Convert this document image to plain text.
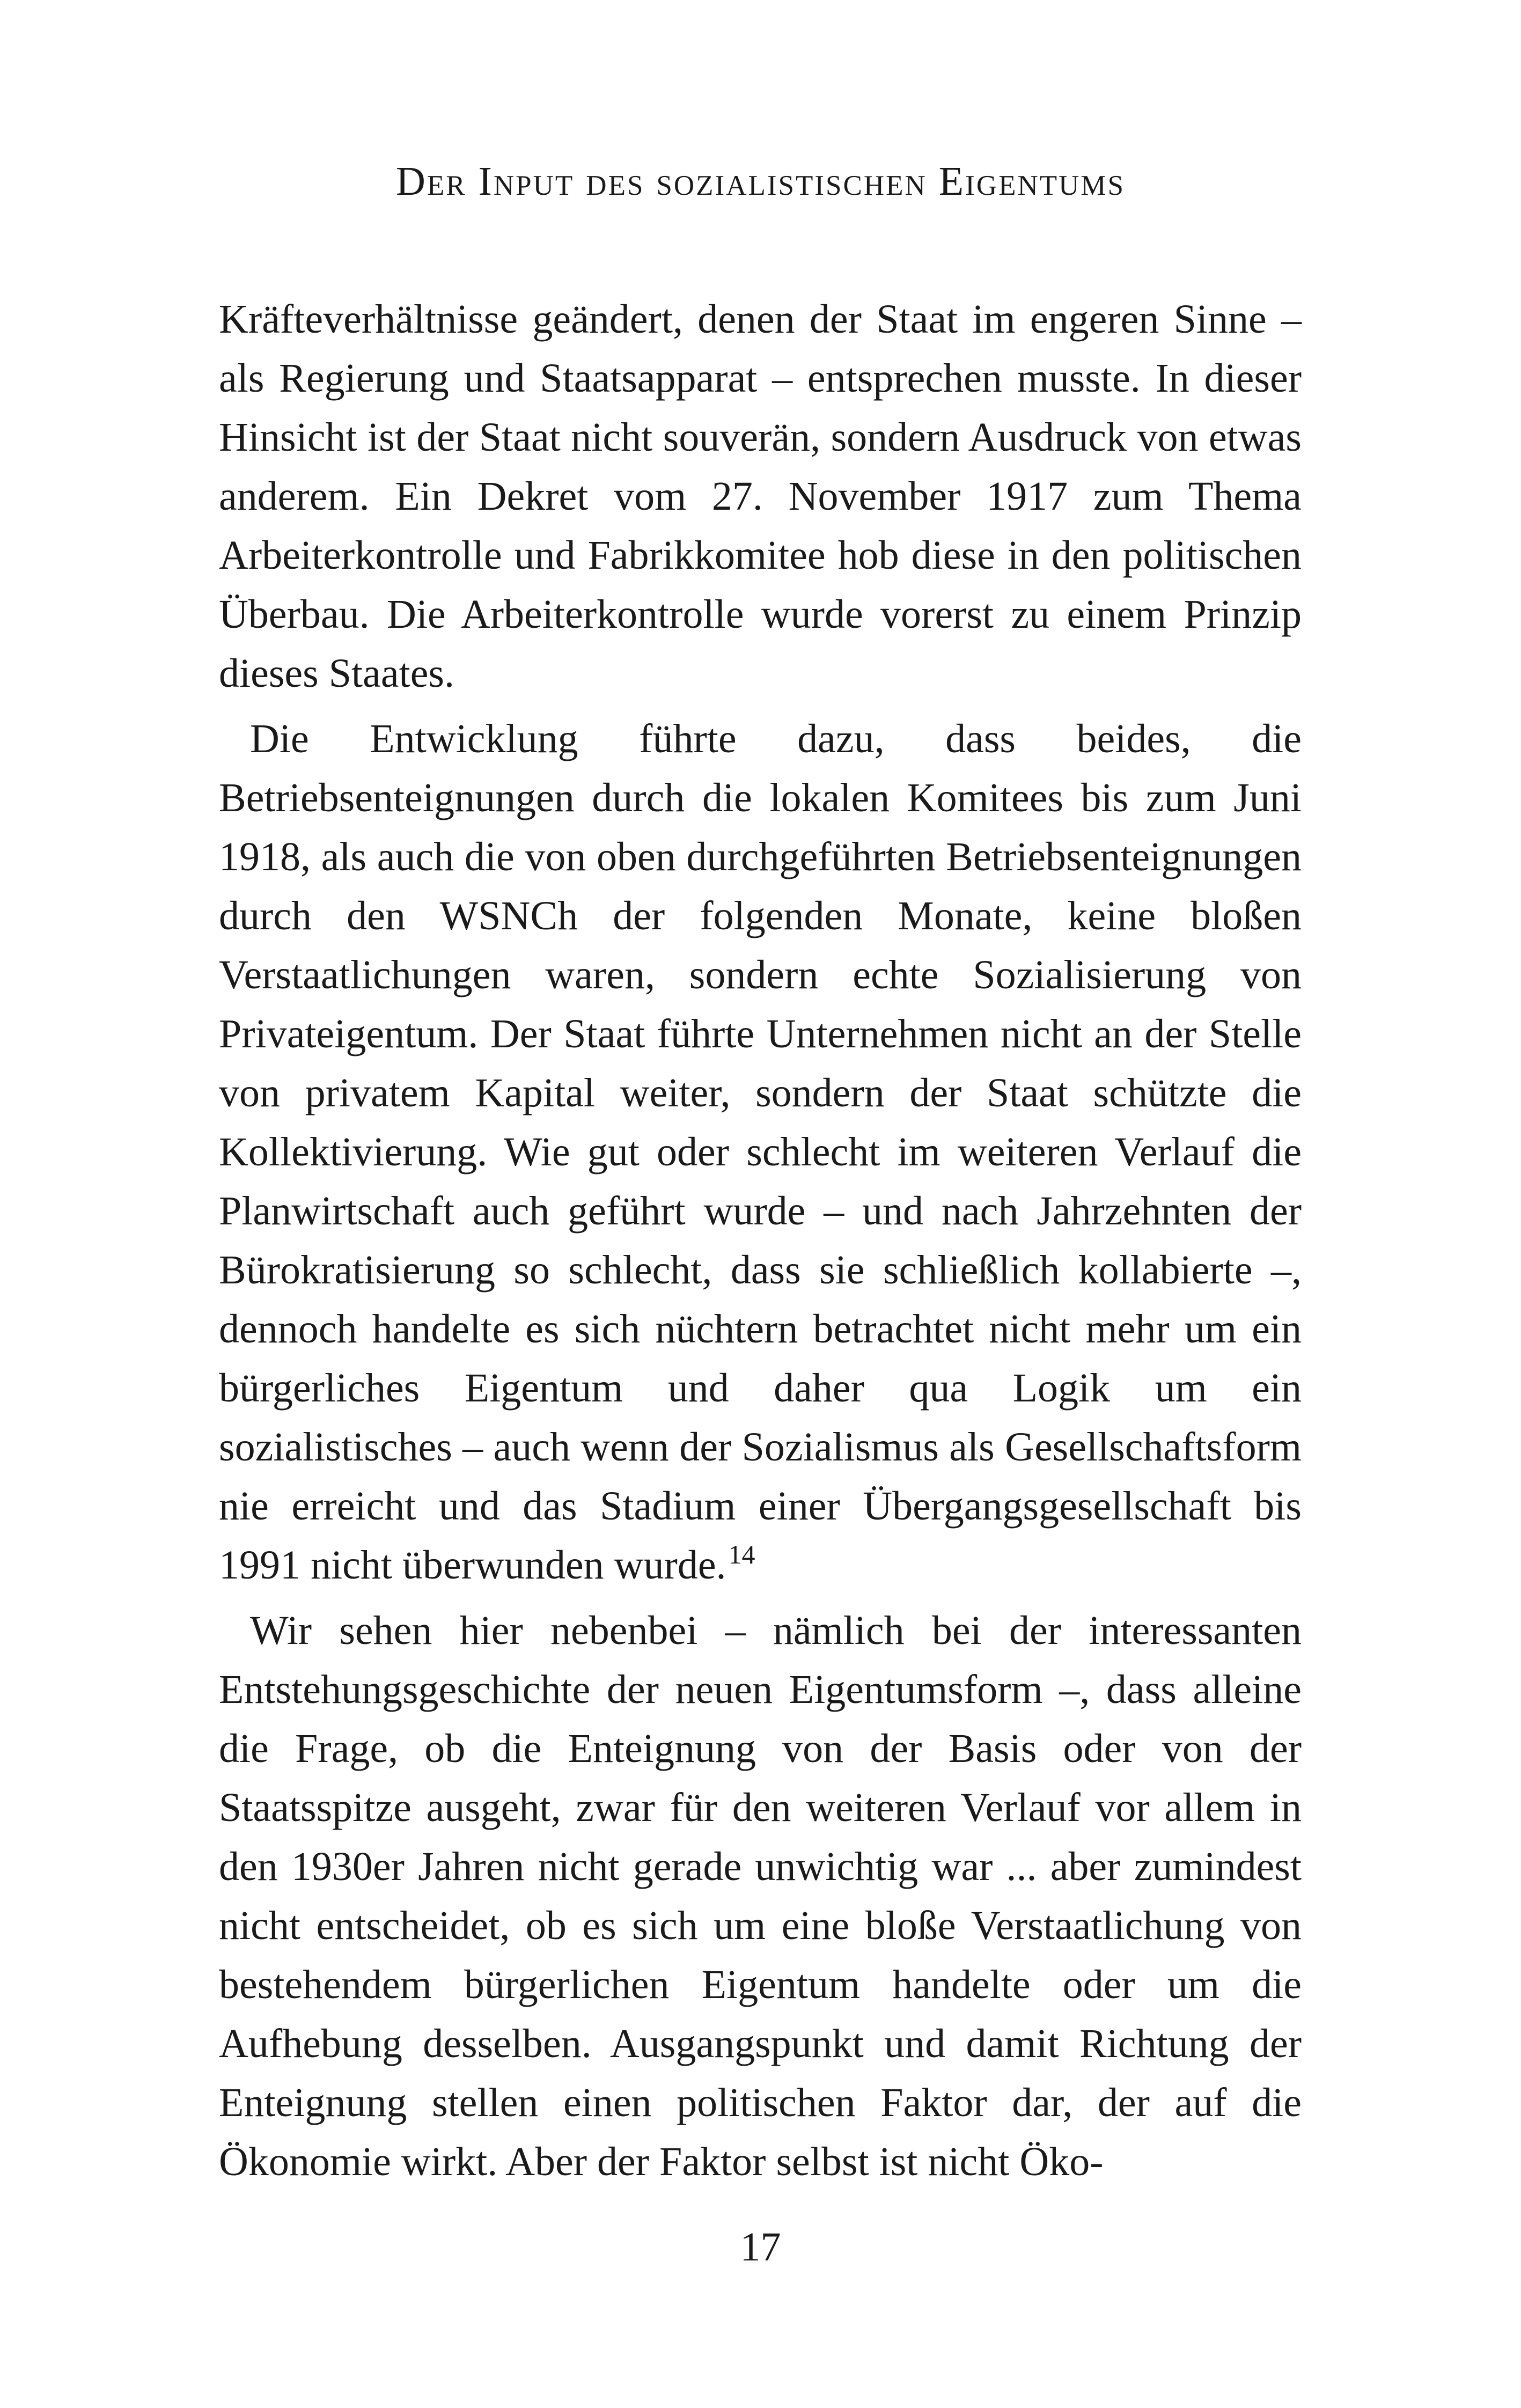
Der Input des sozialistischen Eigentums

Kräfteverhältnisse geändert, denen der Staat im engeren Sinne – als Regierung und Staatsapparat – entsprechen musste. In dieser Hinsicht ist der Staat nicht souverän, sondern Ausdruck von etwas anderem. Ein Dekret vom 27. November 1917 zum Thema Arbeiterkontrolle und Fabrikkomitee hob diese in den politischen Überbau. Die Arbeiterkontrolle wurde vorerst zu einem Prinzip dieses Staates.

Die Entwicklung führte dazu, dass beides, die Betriebsenteignungen durch die lokalen Komitees bis zum Juni 1918, als auch die von oben durchgeführten Betriebsenteignungen durch den WSNCh der folgenden Monate, keine bloßen Verstaatlichungen waren, sondern echte Sozialisierung von Privateigentum. Der Staat führte Unternehmen nicht an der Stelle von privatem Kapital weiter, sondern der Staat schützte die Kollektivierung. Wie gut oder schlecht im weiteren Verlauf die Planwirtschaft auch geführt wurde – und nach Jahrzehnten der Bürokratisierung so schlecht, dass sie schließlich kollabierte –, dennoch handelte es sich nüchtern betrachtet nicht mehr um ein bürgerliches Eigentum und daher qua Logik um ein sozialistisches – auch wenn der Sozialismus als Gesellschaftsform nie erreicht und das Stadium einer Übergangsgesellschaft bis 1991 nicht überwunden wurde.$^{14}$

Wir sehen hier nebenbei – nämlich bei der interessanten Entstehungsgeschichte der neuen Eigentumsform –, dass alleine die Frage, ob die Enteignung von der Basis oder von der Staatsspitze ausgeht, zwar für den weiteren Verlauf vor allem in den 1930er Jahren nicht gerade unwichtig war ... aber zumindest nicht entscheidet, ob es sich um eine bloße Verstaatlichung von bestehendem bürgerlichen Eigentum handelte oder um die Aufhebung desselben. Ausgangspunkt und damit Richtung der Enteignung stellen einen politischen Faktor dar, der auf die Ökonomie wirkt. Aber der Faktor selbst ist nicht Öko-

17
